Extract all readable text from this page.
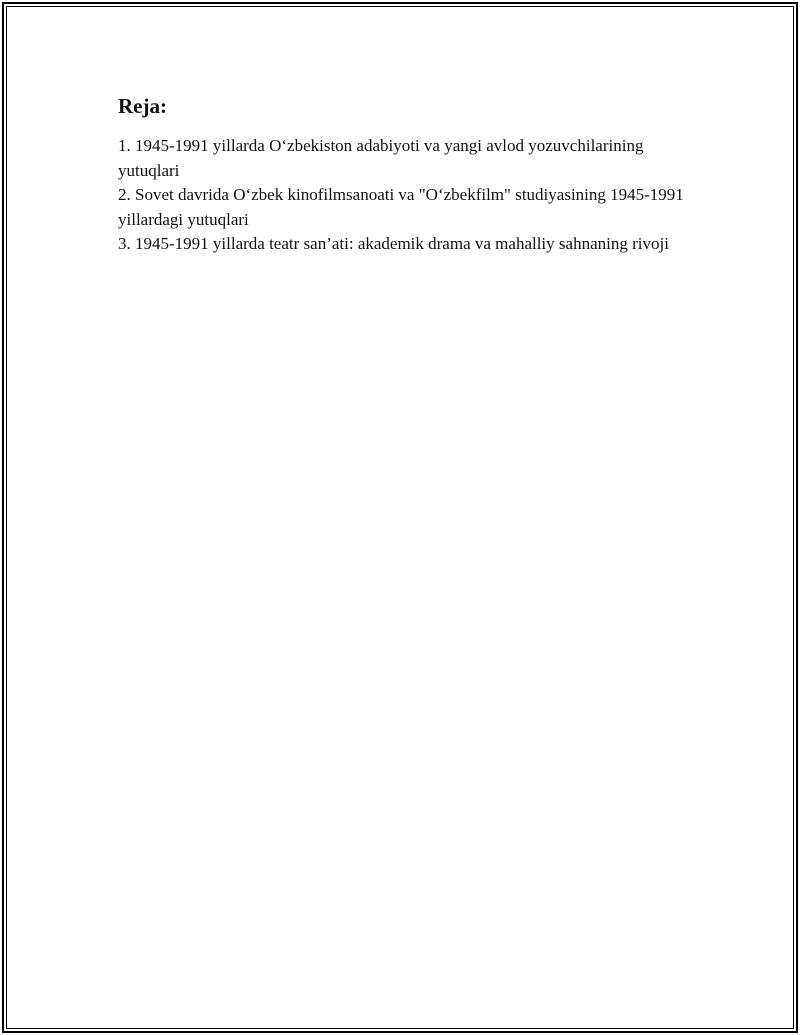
Reja:

1. 1945-1991 yillarda O‘zbekiston adabiyoti va yangi avlod yozuvchilarining yutuqlari

2. Sovet davrida O‘zbek kinofilmsanoati va "O‘zbekfilm" studiyasining 1945-1991 yillardagi yutuqlari

3. 1945-1991 yillarda teatr san’ati: akademik drama va mahalliy sahnaning rivoji
